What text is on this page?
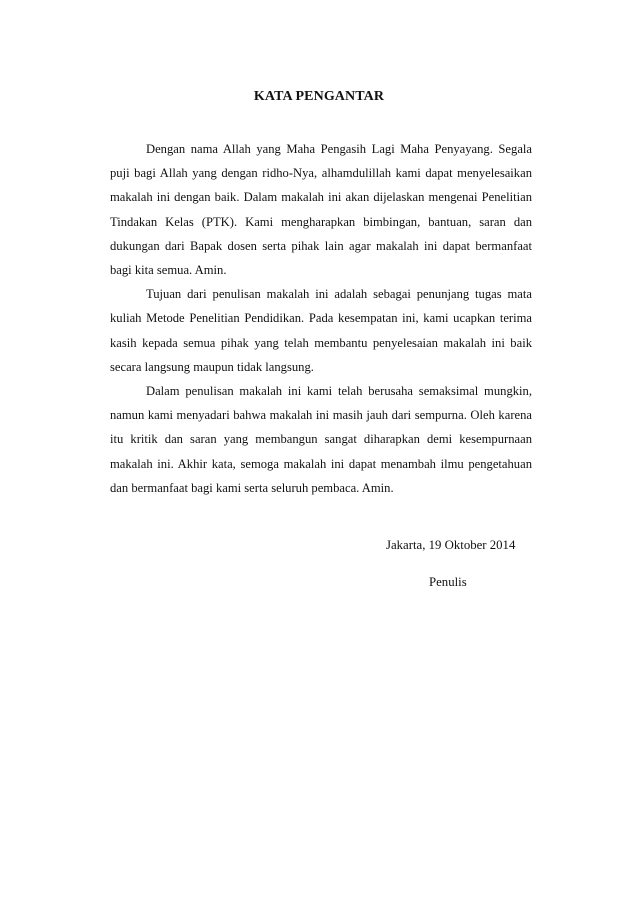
KATA PENGANTAR

Dengan nama Allah yang Maha Pengasih Lagi Maha Penyayang. Segala puji bagi Allah yang dengan ridho-Nya, alhamdulillah kami dapat menyelesaikan makalah ini dengan baik. Dalam makalah ini akan dijelaskan mengenai Penelitian Tindakan Kelas (PTK). Kami mengharapkan bimbingan, bantuan, saran dan dukungan dari Bapak dosen serta pihak lain agar makalah ini dapat bermanfaat bagi kita semua. Amin.

Tujuan dari penulisan makalah ini adalah sebagai penunjang tugas mata kuliah Metode Penelitian Pendidikan. Pada kesempatan ini, kami ucapkan terima kasih kepada semua pihak yang telah membantu penyelesaian makalah ini baik secara langsung maupun tidak langsung.

Dalam penulisan makalah ini kami telah berusaha semaksimal mungkin, namun kami menyadari bahwa makalah ini masih jauh dari sempurna. Oleh karena itu kritik dan saran yang membangun sangat diharapkan demi kesempurnaan makalah ini. Akhir kata, semoga makalah ini dapat menambah ilmu pengetahuan dan bermanfaat bagi kami serta seluruh pembaca. Amin.

Jakarta, 19 Oktober 2014
Penulis
